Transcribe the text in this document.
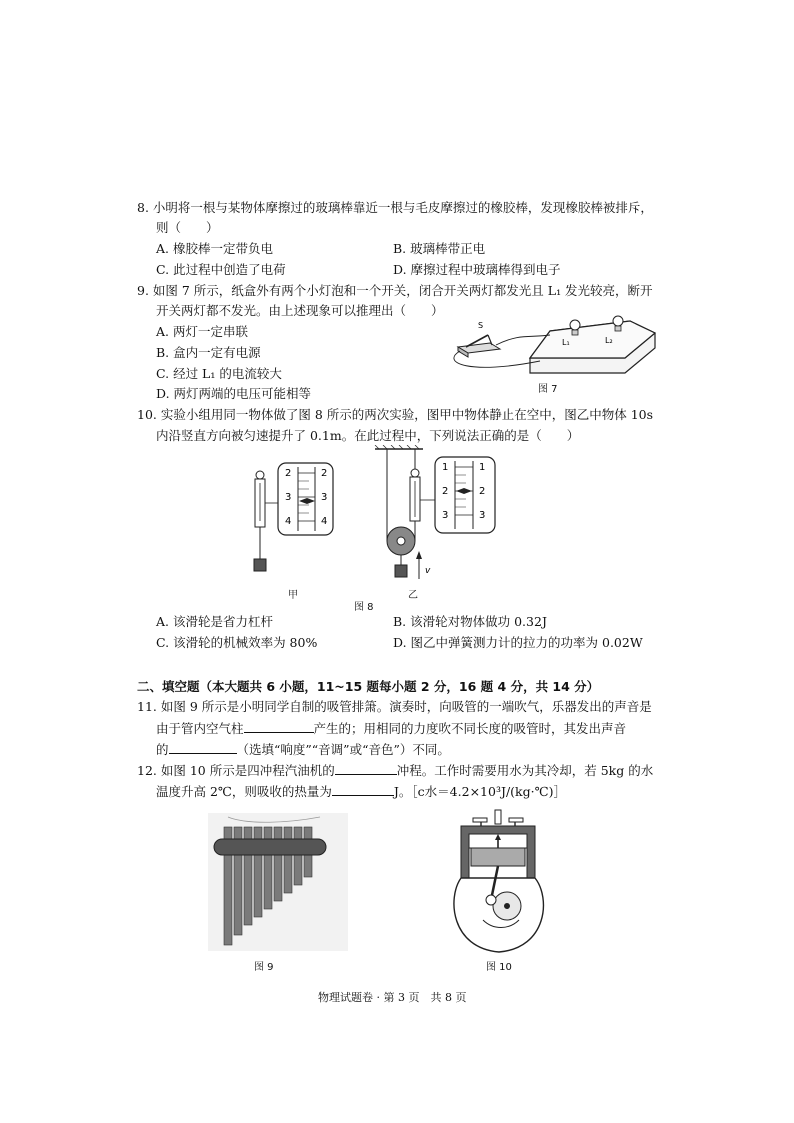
8. 小明将一根与某物体摩擦过的玻璃棒靠近一根与毛皮摩擦过的橡胶棒，发现橡胶棒被排斥，
则（　　）
A. 橡胶棒一定带负电	B. 玻璃棒带正电
C. 此过程中创造了电荷	D. 摩擦过程中玻璃棒得到电子
9. 如图 7 所示，纸盒外有两个小灯泡和一个开关，闭合开关两灯都发光且 L₁ 发光较亮，断开
开关两灯都不发光。由上述现象可以推理出（　　）
A. 两灯一定串联
B. 盒内一定有电源
C. 经过 L₁ 的电流较大
D. 两灯两端的电压可能相等
L₁	L₂
S
图 7
10. 实验小组用同一物体做了图 8 所示的两次实验，图甲中物体静止在空中，图乙中物体 10s
内沿竖直方向被匀速提升了 0.1m。在此过程中，下列说法正确的是（　　）
2
3
4
2
3
4
v
1
2
3
1
2
3
甲	乙
图 8
A. 该滑轮是省力杠杆	B. 该滑轮对物体做功 0.32J
C. 该滑轮的机械效率为 80%	D. 图乙中弹簧测力计的拉力的功率为 0.02W
二、填空题（本大题共 6 小题，11~15 题每小题 2 分，16 题 4 分，共 14 分）
11. 如图 9 所示是小明同学自制的吸管排箫。演奏时，向吸管的一端吹气，乐器发出的声音是
由于管内空气柱	产生的；用相同的力度吹不同长度的吸管时，其发出声音
的	（选填“响度”“音调”或“音色”）不同。
12. 如图 10 所示是四冲程汽油机的	冲程。工作时需要用水为其冷却，若 5kg 的水
温度升高 2℃，则吸收的热量为	J。［c水＝4.2×10³J/(kg·℃)］
图 9	图 10
物理试题卷 · 第 3 页　共 8 页
